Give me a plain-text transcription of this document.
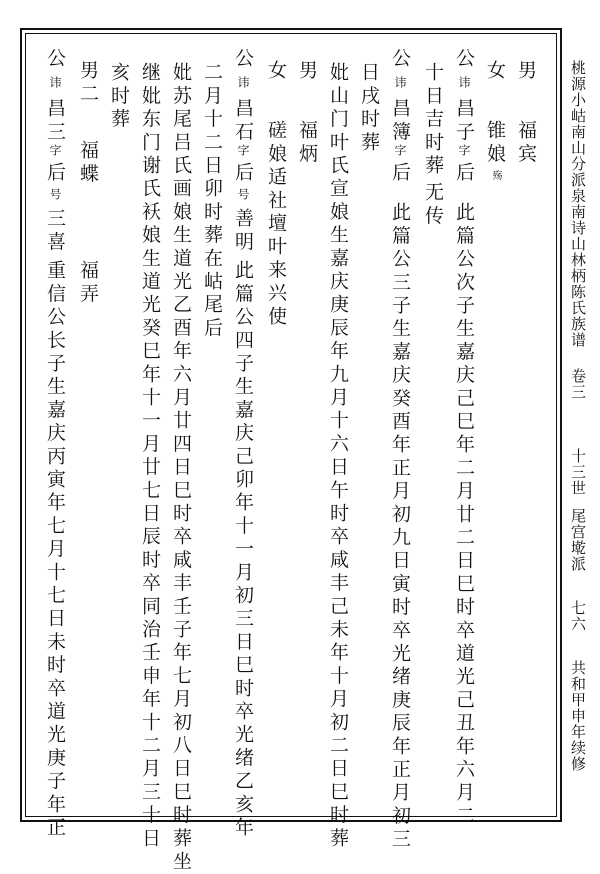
桃源小岵南山分派泉南诗山林柄陈氏族谱
卷三
十三世
尾宫墘派
七六
共和甲申年续修
男
福宾
女
锥娘
殇
公
讳
昌子
字
后
此篇公次子生嘉庆己巳年二月廿二日巳时卒道光己丑年六月二
十日吉时葬
无传
公
讳
昌簿
字
后
此篇公三子生嘉庆癸酉年正月初九日寅时卒光绪庚辰年正月初三
日戌时葬
妣山门叶氏宣娘生嘉庆庚辰年九月十六日午时卒咸丰己未年十月初二日巳时葬
男
福炳
女
磋娘适社壇叶来兴使
公
讳
昌石
字
后
号
善明
此篇公四子生嘉庆己卯年十一月初三日巳时卒光绪乙亥年
二月十二日卯时葬在岵尾后
妣苏尾吕氏画娘生道光乙酉年六月廿四日巳时卒咸丰壬子年七月初八日巳时葬坐
继妣东门谢氏袄娘生道光癸巳年十一月廿七日辰时卒同治壬申年十二月三十日
亥时葬
男二
福蝶
福弄
公
讳
昌三
字
后
号
三喜
重信公长子生嘉庆丙寅年七月十七日未时卒道光庚子年正
